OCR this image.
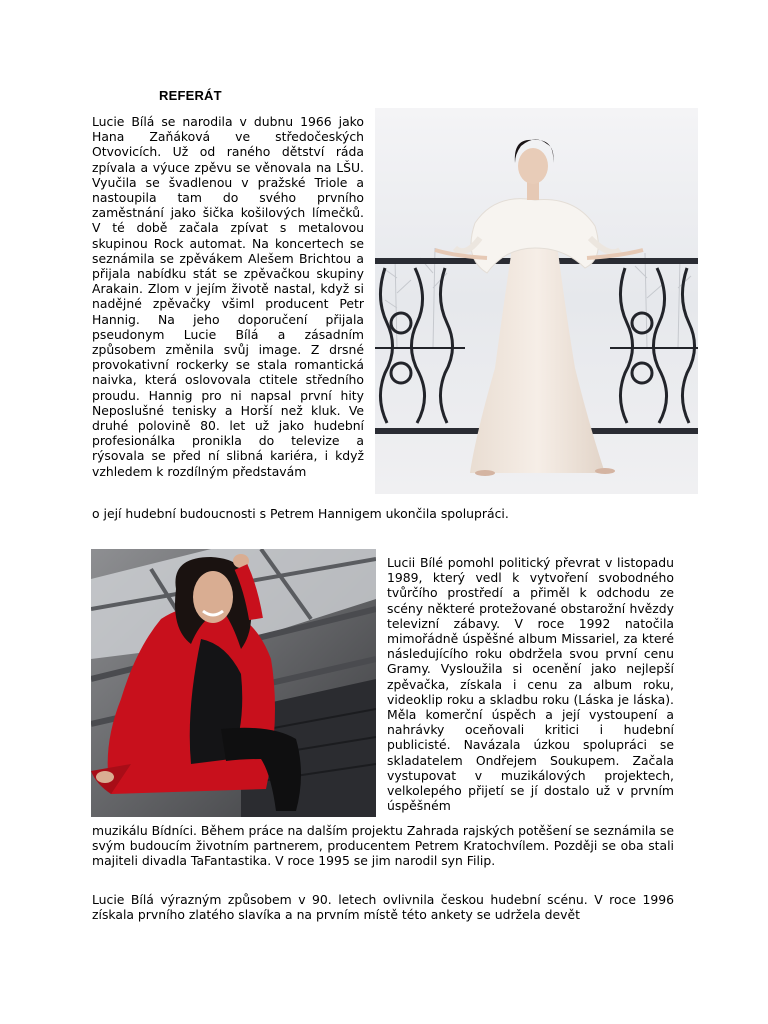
REFERÁT
Lucie Bílá se narodila v dubnu 1966 jako Hana Zaňáková ve středočeských Otvovicích. Už od raného dětství ráda zpívala a výuce zpěvu se věnovala na LŠU. Vyučila se švadlenou v pražské Triole a nastoupila tam do svého prvního zaměstnání jako šička košilových límečků. V té době začala zpívat s metalovou skupinou Rock automat. Na koncertech se seznámila se zpěvákem Alešem Brichtou a přijala nabídku stát se zpěvačkou skupiny Arakain. Zlom v jejím životě nastal, když si nadějné zpěvačky všiml producent Petr Hannig. Na jeho doporučení přijala pseudonym Lucie Bílá a zásadním způsobem změnila svůj image. Z drsné provokativní rockerky se stala romantická naivka, která oslovovala ctitele středního proudu. Hannig pro ni napsal první hity Neposlušné tenisky a Horší než kluk. Ve druhé polovině 80. let už jako hudební profesionálka pronikla do televize a rýsovala se před ní slibná kariéra, i když vzhledem k rozdílným představám
o její hudební budoucnosti s Petrem Hannigem ukončila spolupráci.
Lucii Bílé pomohl politický převrat v listopadu 1989, který vedl k vytvoření svobodného tvůrčího prostředí a přiměl k odchodu ze scény některé protežované obstarožní hvězdy televizní zábavy. V roce 1992 natočila mimořádně úspěšné album Missariel, za které následujícího roku obdržela svou první cenu Gramy. Vysloužila si ocenění jako nejlepší zpěvačka, získala i cenu za album roku, videoklip roku a skladbu roku (Láska je láska). Měla komerční úspěch a její vystoupení a nahrávky oceňovali kritici i hudební publicisté. Navázala úzkou spolupráci se skladatelem Ondřejem Soukupem. Začala vystupovat v muzikálových projektech, velkolepého přijetí se jí dostalo už v prvním úspěšném
muzikálu Bídníci. Během práce na dalším projektu Zahrada rajských potěšení se seznámila se svým budoucím životním partnerem, producentem Petrem Kratochvílem. Později se oba stali majiteli divadla TaFantastika. V roce 1995 se jim narodil syn Filip.
Lucie Bílá výrazným způsobem v 90. letech ovlivnila českou hudební scénu. V roce 1996 získala prvního zlatého slavíka a na prvním místě této ankety se udržela devět
